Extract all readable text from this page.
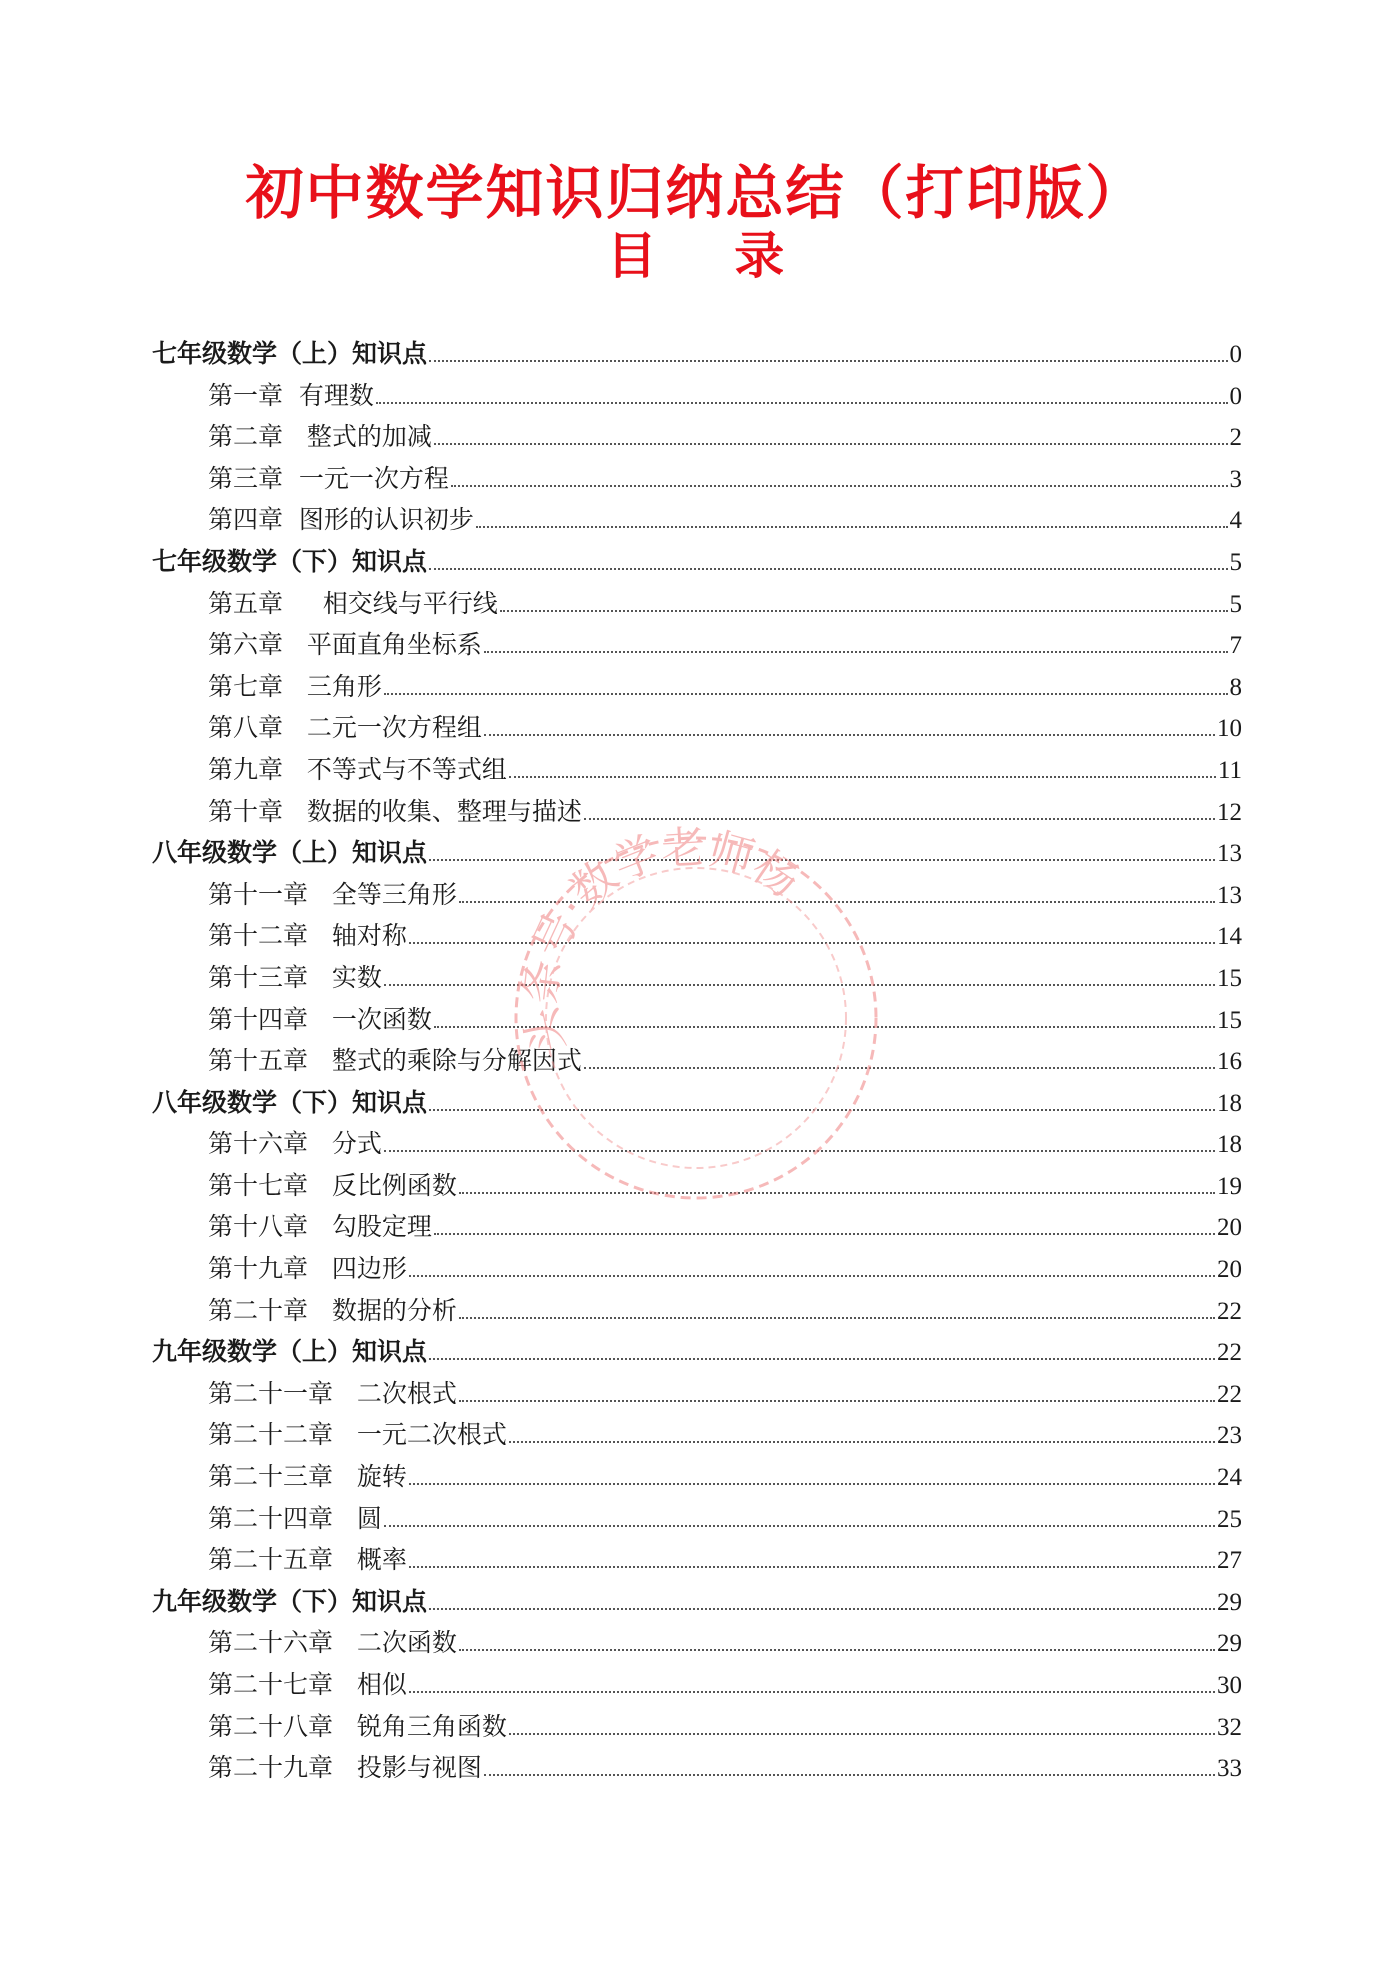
初中数学知识归纳总结（打印版）
目 录
七年级数学（上）知识点	0
第一章  有理数	0
第二章   整式的加减	2
第三章  一元一次方程	3
第四章  图形的认识初步	4
七年级数学（下）知识点	5
第五章     相交线与平行线	5
第六章   平面直角坐标系	7
第七章   三角形	8
第八章   二元一次方程组	10
第九章   不等式与不等式组	11
第十章   数据的收集、整理与描述	12
八年级数学（上）知识点	13
第十一章   全等三角形	13
第十二章   轴对称	14
第十三章   实数	15
第十四章   一次函数	15
第十五章   整式的乘除与分解因式	16
八年级数学（下）知识点	18
第十六章   分式	18
第十七章   反比例函数	19
第十八章   勾股定理	20
第十九章   四边形	20
第二十章   数据的分析	22
九年级数学（上）知识点	22
第二十一章   二次根式	22
第二十二章   一元二次根式	23
第二十三章   旋转	24
第二十四章   圆	25
第二十五章   概率	27
九年级数学（下）知识点	29
第二十六章   二次函数	29
第二十七章   相似	30
第二十八章   锐角三角函数	32
第二十九章   投影与视图	33
头条号·数学老师杨
